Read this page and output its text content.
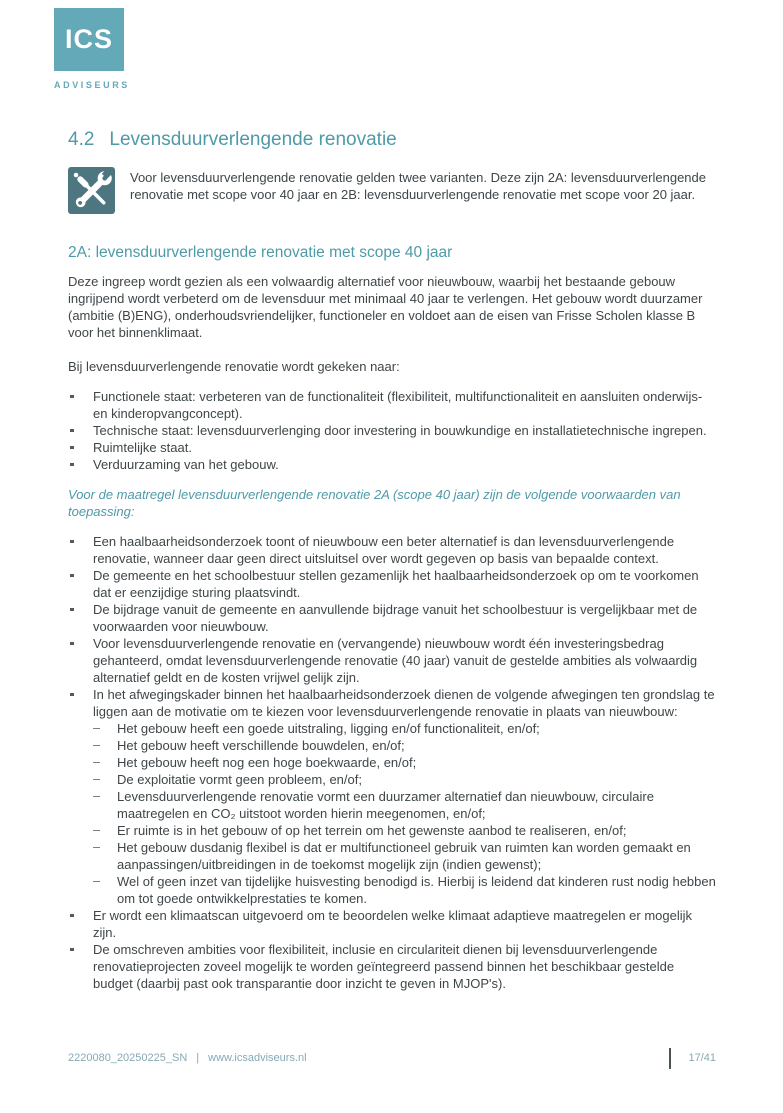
ICS
ADVISEURS
4.2 Levensduurverlengende renovatie
Voor levensduurverlengende renovatie gelden twee varianten. Deze zijn 2A: levensduurverlengende renovatie met scope voor 40 jaar en 2B: levensduurverlengende renovatie met scope voor 20 jaar.
2A: levensduurverlengende renovatie met scope 40 jaar
Deze ingreep wordt gezien als een volwaardig alternatief voor nieuwbouw, waarbij het bestaande gebouw ingrijpend wordt verbeterd om de levensduur met minimaal 40 jaar te verlengen. Het gebouw wordt duurzamer (ambitie (B)ENG), onderhoudsvriendelijker, functioneler en voldoet aan de eisen van Frisse Scholen klasse B voor het binnenklimaat.
Bij levensduurverlengende renovatie wordt gekeken naar:
Functionele staat: verbeteren van de functionaliteit (flexibiliteit, multifunctionaliteit en aansluiten onderwijs- en kinderopvangconcept).
Technische staat: levensduurverlenging door investering in bouwkundige en installatietechnische ingrepen.
Ruimtelijke staat.
Verduurzaming van het gebouw.
Voor de maatregel levensduurverlengende renovatie 2A (scope 40 jaar) zijn de volgende voorwaarden van toepassing:
Een haalbaarheidsonderzoek toont of nieuwbouw een beter alternatief is dan levensduurverlengende renovatie, wanneer daar geen direct uitsluitsel over wordt gegeven op basis van bepaalde context.
De gemeente en het schoolbestuur stellen gezamenlijk het haalbaarheidsonderzoek op om te voorkomen dat er eenzijdige sturing plaatsvindt.
De bijdrage vanuit de gemeente en aanvullende bijdrage vanuit het schoolbestuur is vergelijkbaar met de voorwaarden voor nieuwbouw.
Voor levensduurverlengende renovatie en (vervangende) nieuwbouw wordt één investeringsbedrag gehanteerd, omdat levensduurverlengende renovatie (40 jaar) vanuit de gestelde ambities als volwaardig alternatief geldt en de kosten vrijwel gelijk zijn.
In het afwegingskader binnen het haalbaarheidsonderzoek dienen de volgende afwegingen ten grondslag te liggen aan de motivatie om te kiezen voor levensduurverlengende renovatie in plaats van nieuwbouw:
Het gebouw heeft een goede uitstraling, ligging en/of functionaliteit, en/of;
Het gebouw heeft verschillende bouwdelen, en/of;
Het gebouw heeft nog een hoge boekwaarde, en/of;
De exploitatie vormt geen probleem, en/of;
Levensduurverlengende renovatie vormt een duurzamer alternatief dan nieuwbouw, circulaire maatregelen en CO₂ uitstoot worden hierin meegenomen, en/of;
Er ruimte is in het gebouw of op het terrein om het gewenste aanbod te realiseren, en/of;
Het gebouw dusdanig flexibel is dat er multifunctioneel gebruik van ruimten kan worden gemaakt en aanpassingen/uitbreidingen in de toekomst mogelijk zijn (indien gewenst);
Wel of geen inzet van tijdelijke huisvesting benodigd is. Hierbij is leidend dat kinderen rust nodig hebben om tot goede ontwikkelprestaties te komen.
Er wordt een klimaatscan uitgevoerd om te beoordelen welke klimaat adaptieve maatregelen er mogelijk zijn.
De omschreven ambities voor flexibiliteit, inclusie en circulariteit dienen bij levensduurverlengende renovatieprojecten zoveel mogelijk te worden geïntegreerd passend binnen het beschikbaar gestelde budget (daarbij past ook transparantie door inzicht te geven in MJOP's).
2220080_20250225_SN | www.icsadviseurs.nl	17/41
